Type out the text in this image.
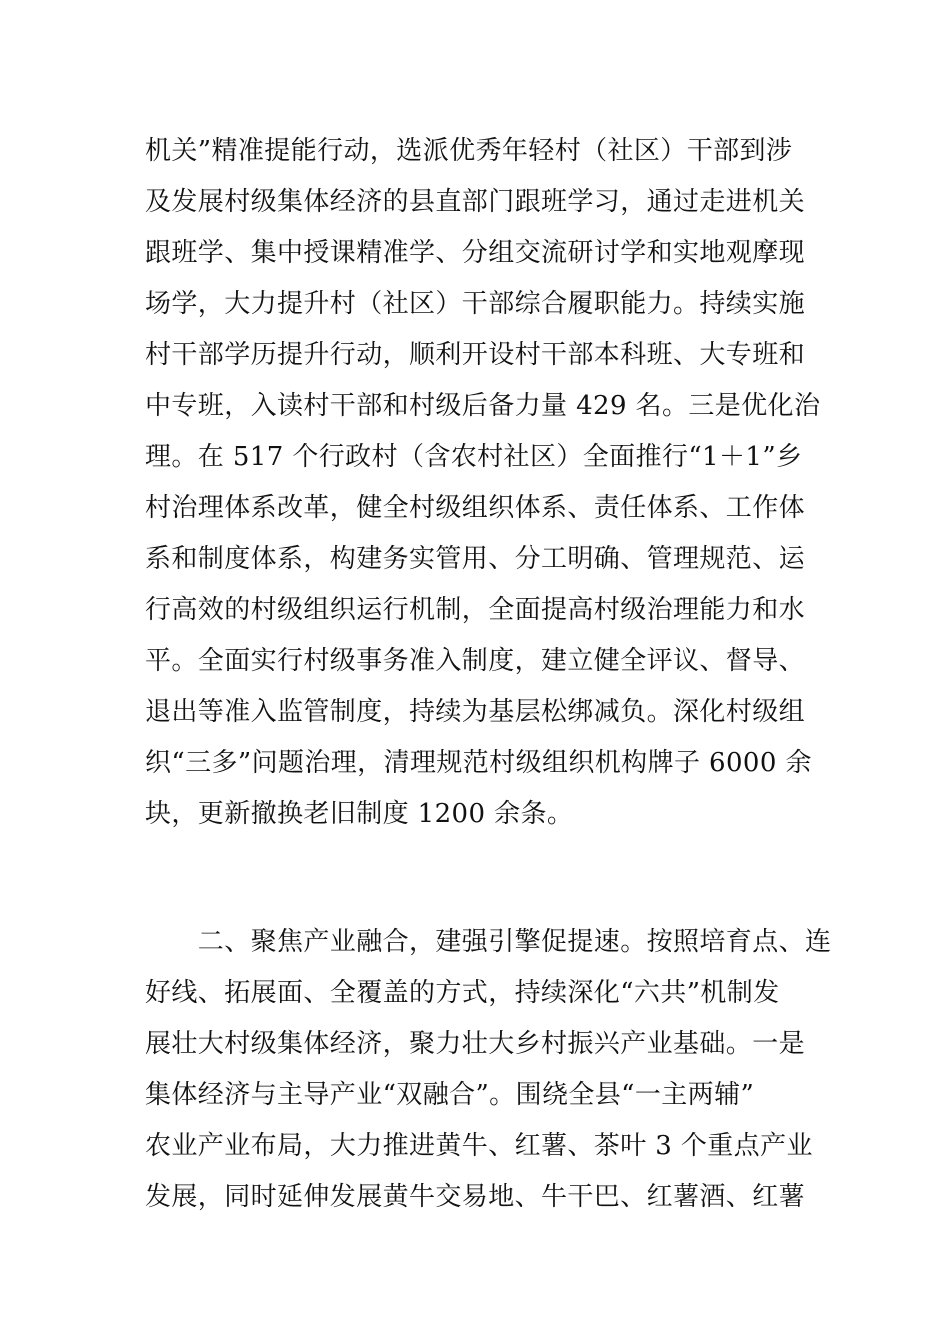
机关”精准提能行动，选派优秀年轻村（社区）干部到涉
及发展村级集体经济的县直部门跟班学习，通过走进机关
跟班学、集中授课精准学、分组交流研讨学和实地观摩现
场学，大力提升村（社区）干部综合履职能力。持续实施
村干部学历提升行动，顺利开设村干部本科班、大专班和
中专班，入读村干部和村级后备力量 429 名。三是优化治
理。在 517 个行政村（含农村社区）全面推行“1＋1”乡
村治理体系改革，健全村级组织体系、责任体系、工作体
系和制度体系，构建务实管用、分工明确、管理规范、运
行高效的村级组织运行机制，全面提高村级治理能力和水
平。全面实行村级事务准入制度，建立健全评议、督导、
退出等准入监管制度，持续为基层松绑减负。深化村级组
织“三多”问题治理，清理规范村级组织机构牌子 6000 余
块，更新撤换老旧制度 1200 余条。

　　二、聚焦产业融合，建强引擎促提速。按照培育点、连
好线、拓展面、全覆盖的方式，持续深化“六共”机制发
展壮大村级集体经济，聚力壮大乡村振兴产业基础。一是
集体经济与主导产业“双融合”。围绕全县“一主两辅”
农业产业布局，大力推进黄牛、红薯、茶叶 3 个重点产业
发展，同时延伸发展黄牛交易地、牛干巴、红薯酒、红薯
